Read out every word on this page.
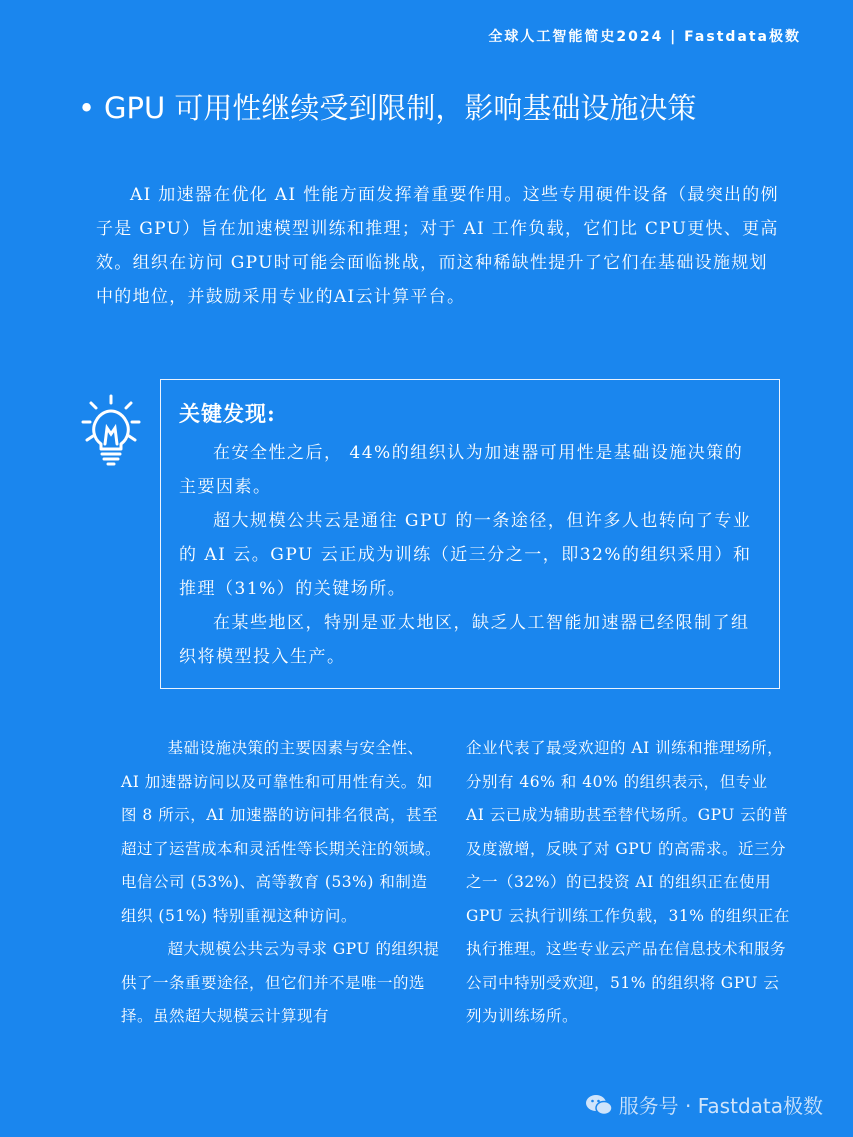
全球人工智能简史2024 | Fastdata极数
• GPU 可用性继续受到限制，影响基础设施决策

AI 加速器在优化 AI 性能方面发挥着重要作用。这些专用硬件设备（最突出的例子是 GPU）旨在加速模型训练和推理；对于 AI 工作负载，它们比 CPU更快、更高效。组织在访问 GPU时可能会面临挑战，而这种稀缺性提升了它们在基础设施规划中的地位，并鼓励采用专业的AI云计算平台。

关键发现:

在安全性之后， 44%的组织认为加速器可用性是基础设施决策的主要因素。

超大规模公共云是通往 GPU 的一条途径，但许多人也转向了专业的 AI 云。GPU 云正成为训练（近三分之一，即32%的组织采用）和推理（31%）的关键场所。

在某些地区，特别是亚太地区，缺乏人工智能加速器已经限制了组织将模型投入生产。

基础设施决策的主要因素与安全性、AI 加速器访问以及可靠性和可用性有关。如图 8 所示，AI 加速器的访问排名很高，甚至超过了运营成本和灵活性等长期关注的领域。电信公司 (53%)、高等教育 (53%) 和制造组织 (51%) 特别重视这种访问。

超大规模公共云为寻求 GPU 的组织提供了一条重要途径，但它们并不是唯一的选择。虽然超大规模云计算现有

企业代表了最受欢迎的 AI 训练和推理场所，分别有 46% 和 40% 的组织表示，但专业 AI 云已成为辅助甚至替代场所。GPU 云的普及度激增，反映了对 GPU 的高需求。近三分之一（32%）的已投资 AI 的组织正在使用 GPU 云执行训练工作负载，31% 的组织正在执行推理。这些专业云产品在信息技术和服务公司中特别受欢迎，51% 的组织将 GPU 云列为训练场所。

服务号 · Fastdata极数
